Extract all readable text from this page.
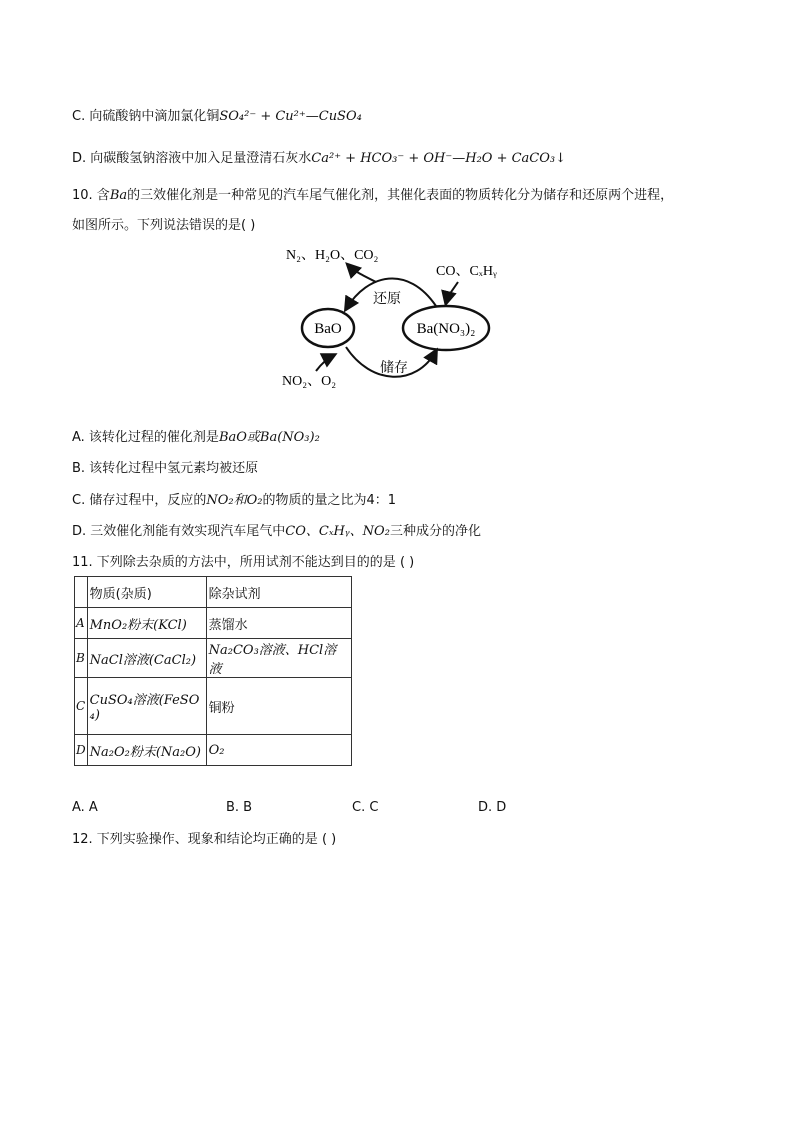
C. 向硫酸钠中滴加氯化铜SO₄²⁻ + Cu²⁺—CuSO₄
D. 向碳酸氢钠溶液中加入足量澄清石灰水Ca²⁺ + HCO₃⁻ + OH⁻—H₂O + CaCO₃↓
10. 含Ba的三效催化剂是一种常见的汽车尾气催化剂，其催化表面的物质转化分为储存和还原两个进程，
如图所示。下列说法错误的是( )
N₂、H₂O、CO₂
CO、CₓHᵧ
NO₂、O₂
BaO	Ba(NO₃)₂
还原
储存
A. 该转化过程的催化剂是BaO或Ba(NO₃)₂
B. 该转化过程中氢元素均被还原
C. 储存过程中，反应的NO₂和O₂的物质的量之比为4：1
D. 三效催化剂能有效实现汽车尾气中CO、CₓHᵧ、NO₂三种成分的净化
11. 下列除去杂质的方法中，所用试剂不能达到目的的是 ( )
	物质(杂质)	除杂试剂
A	MnO₂粉末(KCl)	蒸馏水
B	NaCl溶液(CaCl₂)	Na₂CO₃溶液、HCl溶液
C	CuSO₄溶液(FeSO₄)	铜粉
D	Na₂O₂粉末(Na₂O)	O₂
A. A	B. B	C. C	D. D
12. 下列实验操作、现象和结论均正确的是 ( )
